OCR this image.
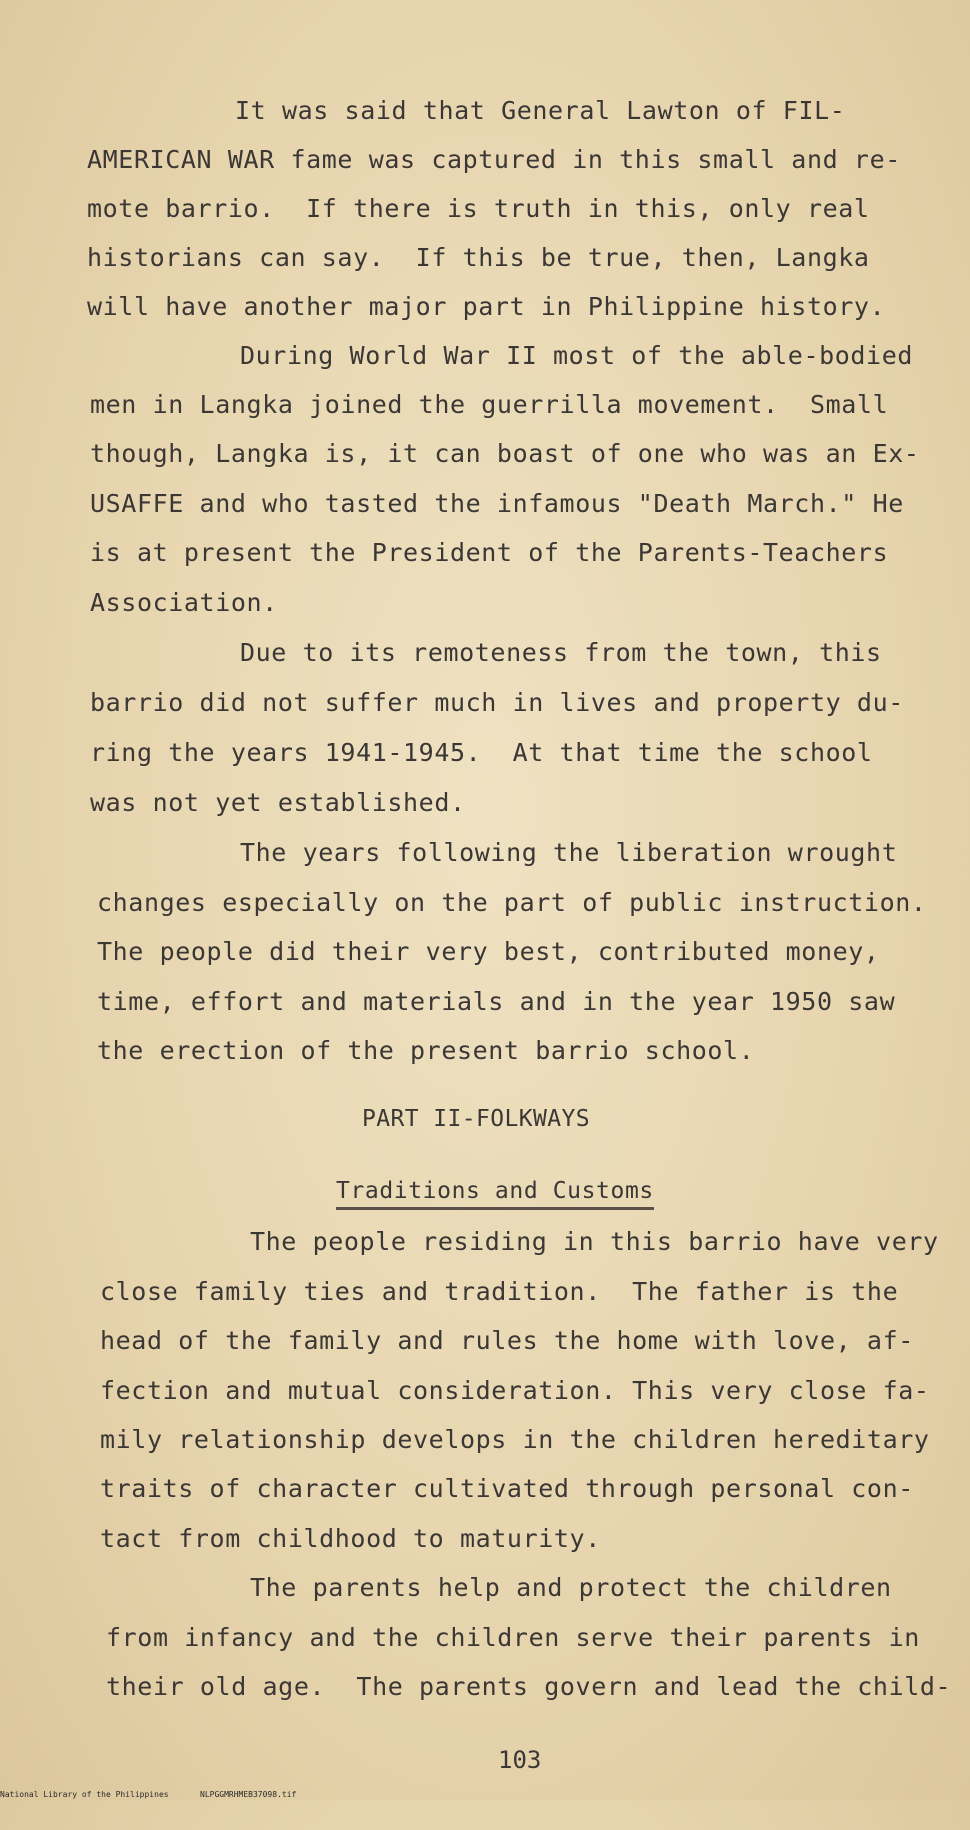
It was said that General Lawton of FIL-
AMERICAN WAR fame was captured in this small and re-
mote barrio.  If there is truth in this, only real
historians can say.  If this be true, then, Langka
will have another major part in Philippine history.
During World War II most of the able-bodied
men in Langka joined the guerrilla movement.  Small
though, Langka is, it can boast of one who was an Ex-
USAFFE and who tasted the infamous "Death March." He
is at present the President of the Parents-Teachers
Association.
Due to its remoteness from the town, this
barrio did not suffer much in lives and property du-
ring the years 1941-1945.  At that time the school
was not yet established.
The years following the liberation wrought
changes especially on the part of public instruction.
The people did their very best, contributed money,
time, effort and materials and in the year 1950 saw
the erection of the present barrio school.
PART II-FOLKWAYS
Traditions and Customs
The people residing in this barrio have very
close family ties and tradition.  The father is the
head of the family and rules the home with love, af-
fection and mutual consideration. This very close fa-
mily relationship develops in the children hereditary
traits of character cultivated through personal con-
tact from childhood to maturity.
The parents help and protect the children
from infancy and the children serve their parents in
their old age.  The parents govern and lead the child-
103

National Library of the Philippines

	NLPGGMRHMEB37098.tif
